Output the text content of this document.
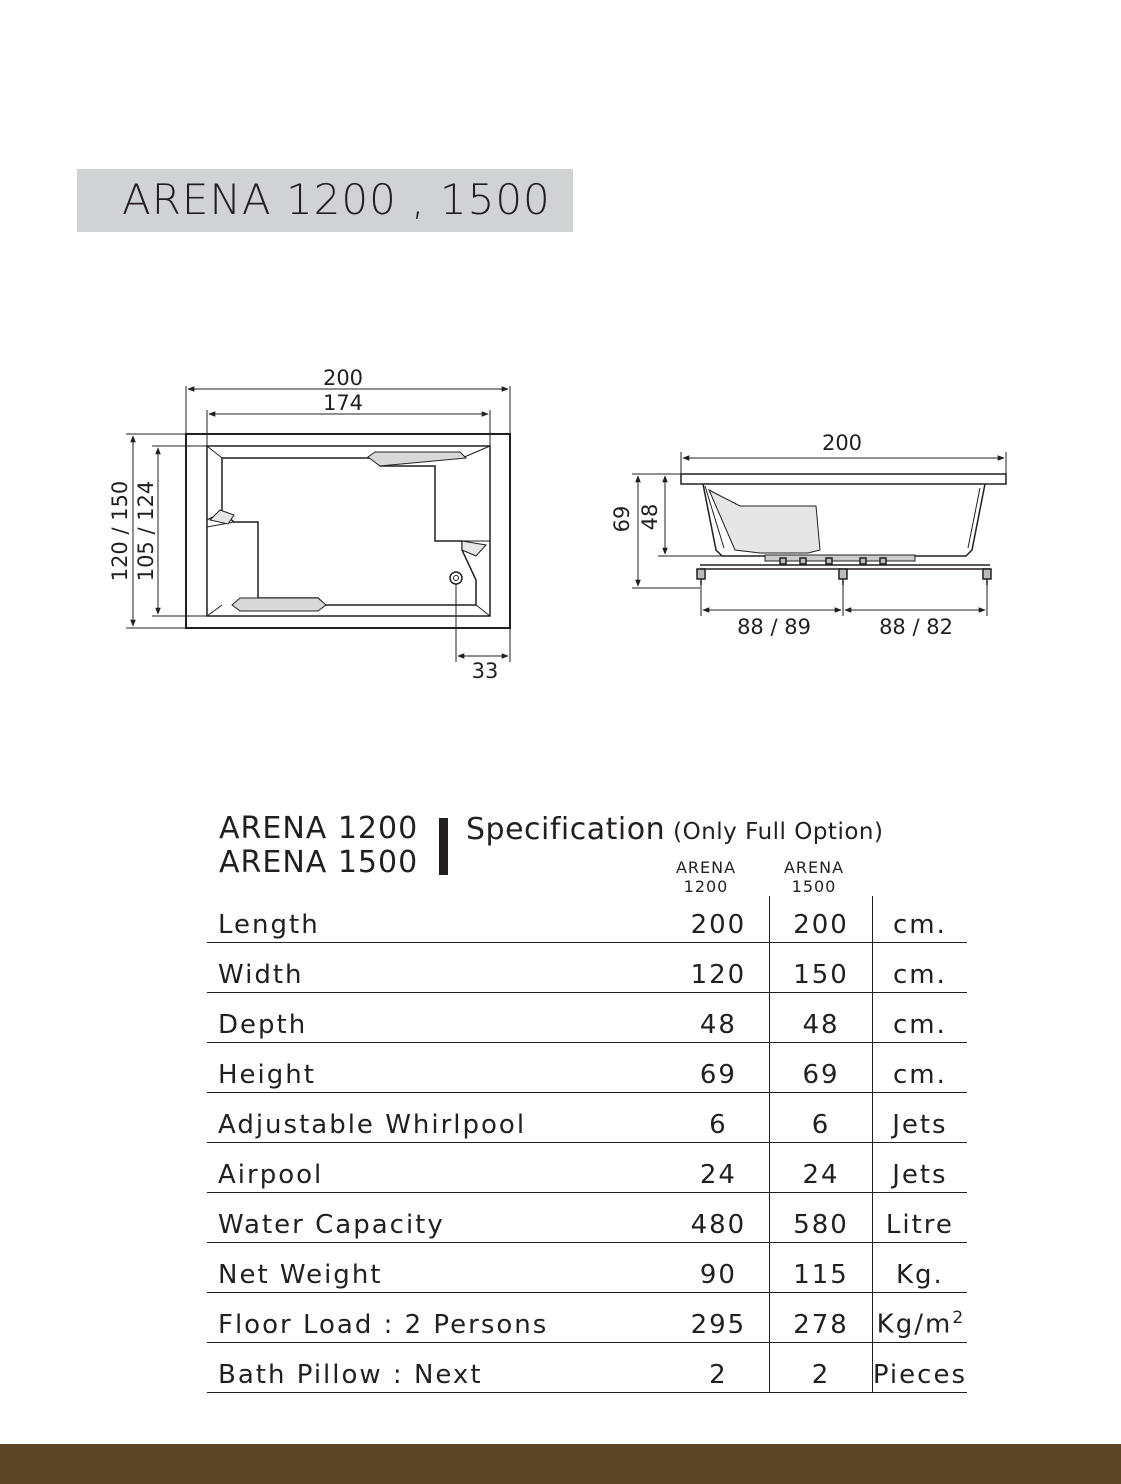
ARENA 1200 , 1500
200
174
120 / 150 105 / 124
33
200
69 48
88 / 89	88 / 82
ARENA 1200
ARENA 1500
Specification (Only Full Option)
ARENA
1200
ARENA
1500
Length	200	200	cm.
Width	120	150	cm.
Depth	48	48	cm.
Height	69	69	cm.
Adjustable Whirlpool	6	6	Jets
Airpool	24	24	Jets
Water Capacity	480	580	Litre
Net Weight	90	115	Kg.
Floor Load : 2 Persons	295	278	$Kg/m^2$
Bath Pillow : Next	2	2	Pieces
